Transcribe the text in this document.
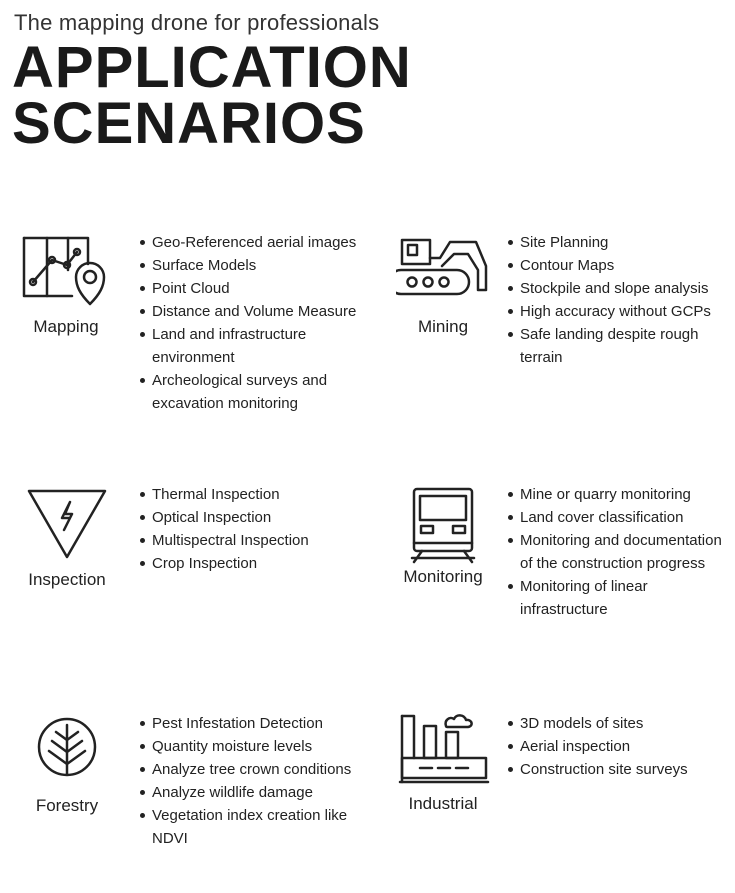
The mapping drone for professionals
APPLICATION
SCENARIOS
Mapping
Geo-Referenced aerial images
Surface Models
Point Cloud
Distance and Volume Measure
Land and infrastructure environment
Archeological surveys and excavation monitoring
Mining
Site Planning
Contour Maps
Stockpile and slope analysis
High accuracy without GCPs
Safe landing despite rough terrain
Inspection
Thermal Inspection
Optical Inspection
Multispectral Inspection
Crop Inspection
Monitoring
Mine or quarry monitoring
Land cover classification
Monitoring and documentation of the construction progress
Monitoring of linear infrastructure
Forestry
Pest Infestation Detection
Quantity moisture levels
Analyze tree crown conditions
Analyze wildlife damage
Vegetation index creation like NDVI
Industrial
3D models of sites
Aerial inspection
Construction site surveys
